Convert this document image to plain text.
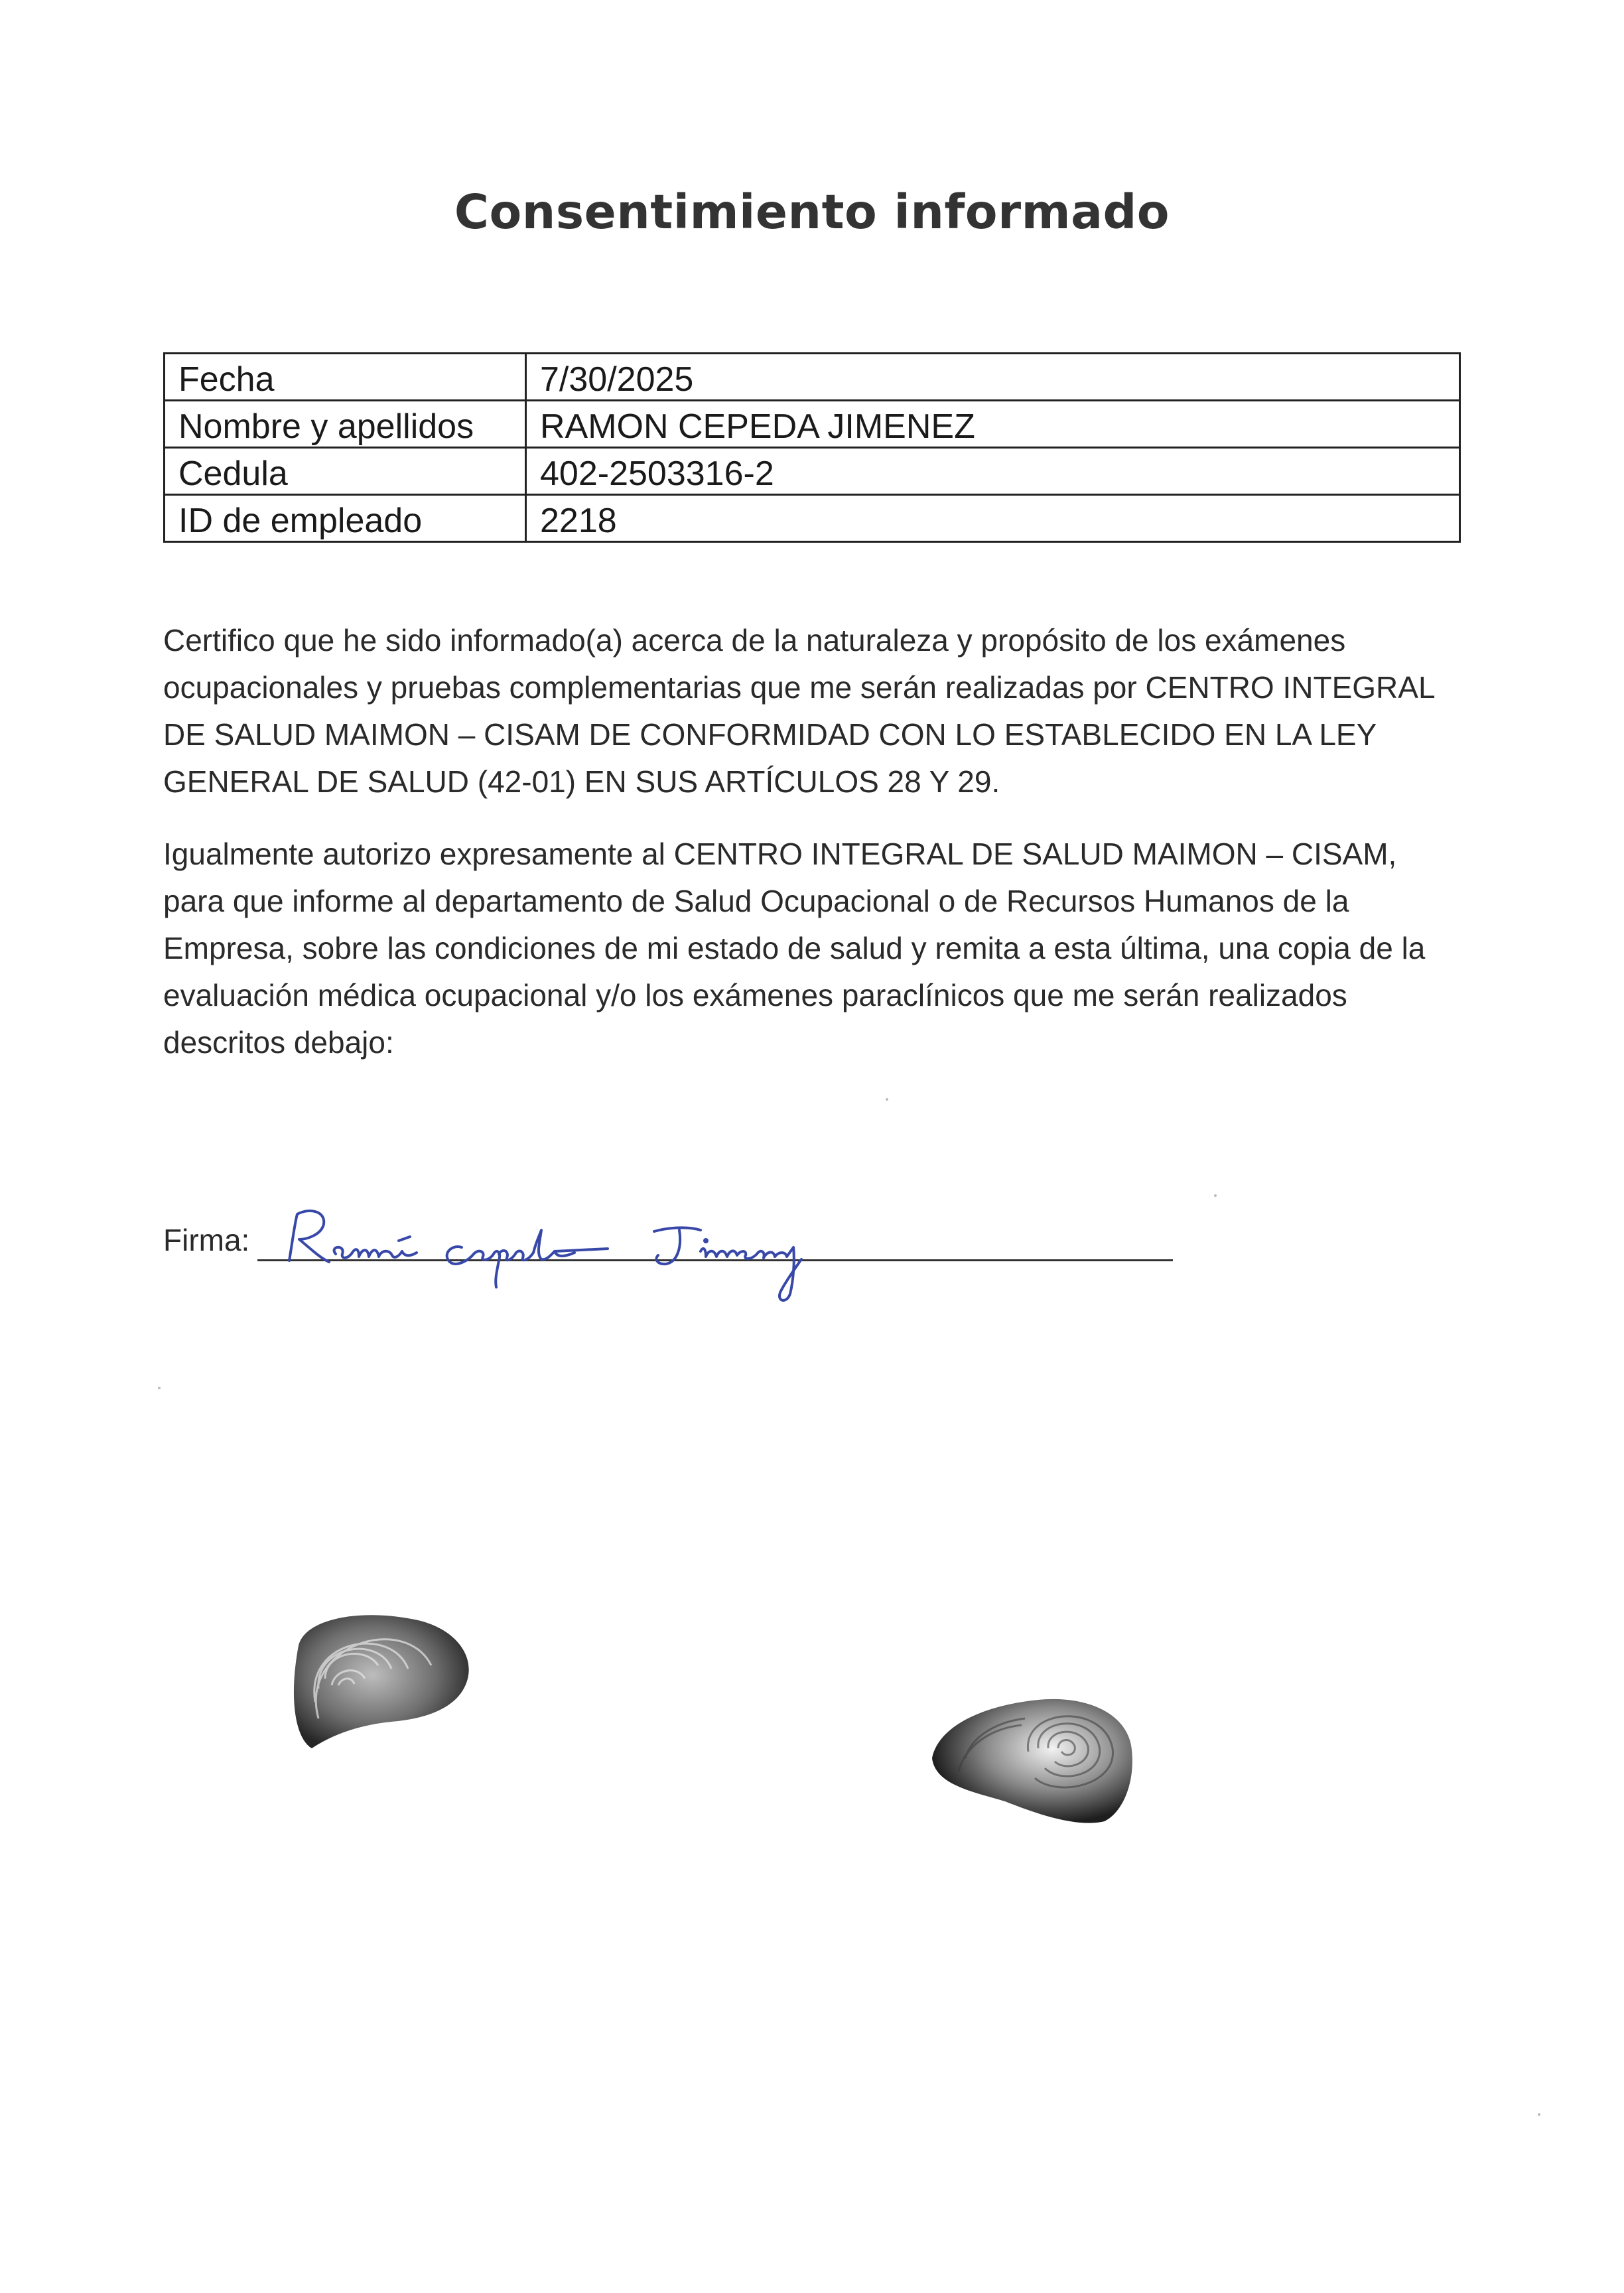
Consentimiento informado
Fecha	7/30/2025
Nombre y apellidos	RAMON CEPEDA JIMENEZ
Cedula	402-2503316-2
ID de empleado	2218

Certifico que he sido informado(a) acerca de la naturaleza y propósito de los exámenes ocupacionales y pruebas complementarias que me serán realizadas por CENTRO INTEGRAL DE SALUD MAIMON – CISAM DE CONFORMIDAD CON LO ESTABLECIDO EN LA LEY GENERAL DE SALUD (42-01) EN SUS ARTÍCULOS 28 Y 29.

Igualmente autorizo expresamente al CENTRO INTEGRAL DE SALUD MAIMON – CISAM, para que informe al departamento de Salud Ocupacional o de Recursos Humanos de la Empresa, sobre las condiciones de mi estado de salud y remita a esta última, una copia de la evaluación médica ocupacional y/o los exámenes paraclínicos que me serán realizados descritos debajo:

Firma:
